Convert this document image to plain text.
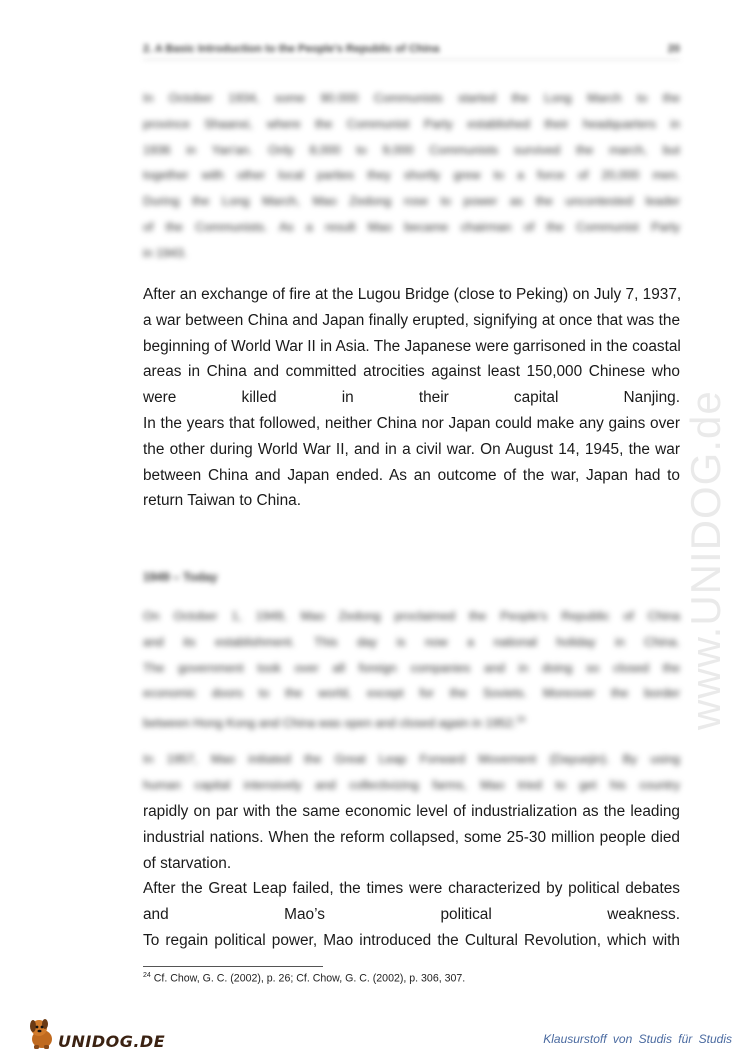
2. A Basic Introduction to the People's Republic of China	20
In October 1934, some 90.000 Communists started the Long March to the
province Shaanxi, where the Communist Party established their headquarters in
1936 in Yan'an. Only 8,000 to 9,000 Communists survived the march, but
together with other local parties they shortly grew to a force of 20,000 men.
During the Long March, Mao Zedong rose to power as the uncontested leader
of the Communists. As a result Mao became chairman of the Communist Party
in 1943.
After an exchange of fire at the Lugou Bridge (close to Peking) on July 7, 1937,
a war between China and Japan finally erupted, signifying at once that was the
beginning of World War II in Asia. The Japanese were garrisoned in the coastal
areas in China and committed atrocities against least 150,000 Chinese who
were killed in their capital Nanjing.
In the years that followed, neither China nor Japan could make any gains over
the other during World War II, and in a civil war. On August 14, 1945, the war
between China and Japan ended. As an outcome of the war, Japan had to
return Taiwan to China.
1949 – Today
On October 1, 1949, Mao Zedong proclaimed the People's Republic of China
and its establishment. This day is now a national holiday in China.
The government took over all foreign companies and in doing so closed the
economic doors to the world, except for the Soviets. Moreover the border
between Hong Kong and China was open and closed again in 1952.24
In 1957, Mao initiated the Great Leap Forward Movement (Dayuejin). By using
human capital intensively and collectivizing farms, Mao tried to get his country
rapidly on par with the same economic level of industrialization as the leading
industrial nations. When the reform collapsed, some 25-30 million people died
of starvation.
After the Great Leap failed, the times were characterized by political debates
and Mao’s political weakness.
To regain political power, Mao introduced the Cultural Revolution, which with
$^{24}$ Cf. Chow, G. C. (2002), p. 26; Cf. Chow, G. C. (2002), p. 306, 307.
www.UNIDOG.de
UNIDOG.DE	Klausurstoff von Studis für Studis
